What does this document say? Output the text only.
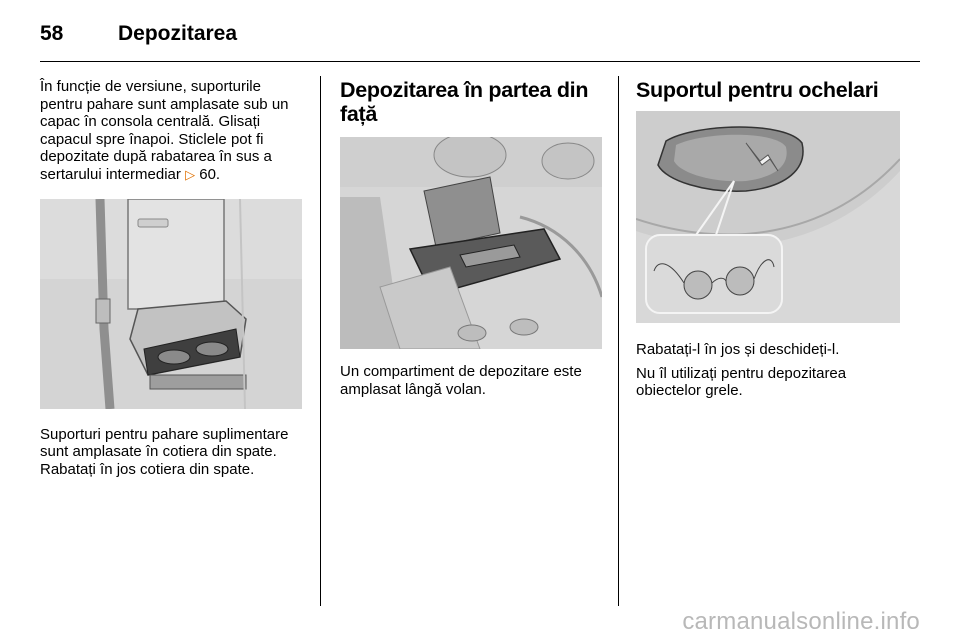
58	Depozitarea

În funcție de versiune, suporturile pentru pahare sunt amplasate sub un capac în consola centrală. Glisați capacul spre înapoi. Sticlele pot fi depozitate după rabatarea în sus a sertarului intermediar ▷ 60.

Suporturi pentru pahare suplimentare sunt amplasate în cotiera din spate. Rabatați în jos cotiera din spate.

Depozitarea în partea din față

Un compartiment de depozitare este amplasat lângă volan.

Suportul pentru ochelari

Rabatați-l în jos și deschideți-l.

Nu îl utilizați pentru depozitarea obiectelor grele.

carmanualsonline.info
